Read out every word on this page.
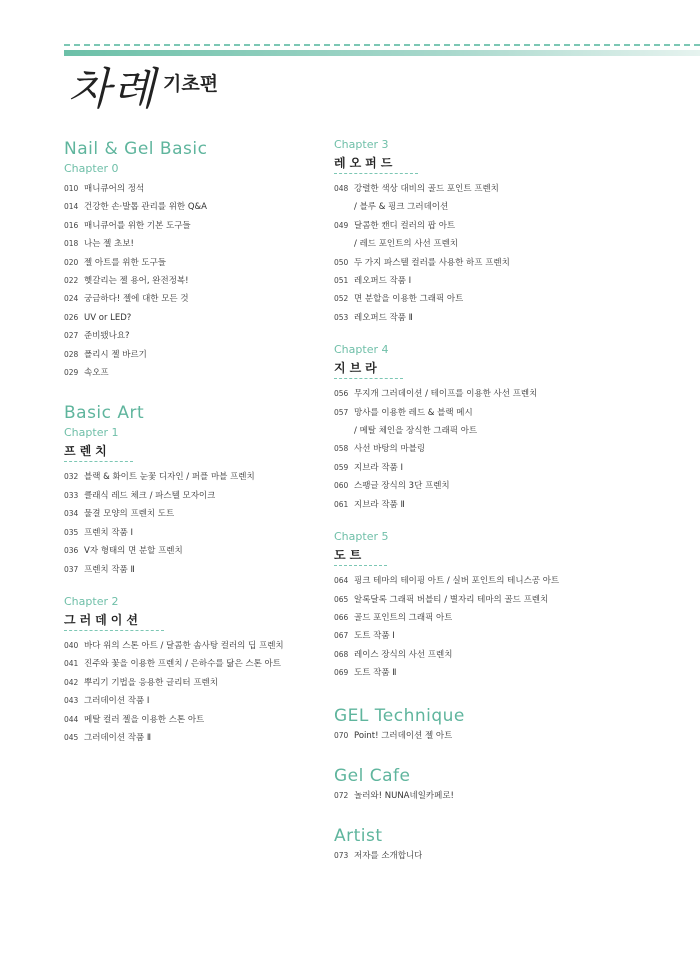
차례 기초편
Nail & Gel Basic
Chapter 0
010 매니큐어의 정석
014 건강한 손·발톱 관리를 위한 Q&A
016 매니큐어를 위한 기본 도구들
018 나는 젤 초보!
020 젤 아트를 위한 도구들
022 헷갈리는 젤 용어, 완전정복!
024 궁금하다! 젤에 대한 모든 것
026 UV or LED?
027 준비됐나요?
028 폴리시 젤 바르기
029 속오프
Basic Art
Chapter 1
프렌치
032 블랙 & 화이트 눈꽃 디자인 / 퍼플 마블 프렌치
033 클래식 레드 체크 / 파스텔 모자이크
034 물결 모양의 프렌치 도트
035 프렌치 작품 Ⅰ
036 V자 형태의 면 분할 프렌치
037 프렌치 작품 Ⅱ
Chapter 2
그러데이션
040 바다 위의 스톤 아트 / 달콤한 솜사탕 컬러의 딥 프렌치
041 진주와 꽃을 이용한 프렌치 / 은하수를 닮은 스톤 아트
042 뿌리기 기법을 응용한 글리터 프렌치
043 그러데이션 작품 Ⅰ
044 메탈 컬러 젤을 이용한 스톤 아트
045 그러데이션 작품 Ⅱ
Chapter 3
레오퍼드
048 강렬한 색상 대비의 골드 포인트 프렌치
/ 블루 & 핑크 그러데이션
049 달콤한 캔디 컬러의 팝 아트
/ 레드 포인트의 사선 프렌치
050 두 가지 파스텔 컬러를 사용한 하프 프렌치
051 레오퍼드 작품 Ⅰ
052 면 분할을 이용한 그래픽 아트
053 레오퍼드 작품 Ⅱ
Chapter 4
지브라
056 무지개 그러데이션 / 테이프를 이용한 사선 프렌치
057 망사를 이용한 레드 & 블랙 메시
/ 메탈 체인을 장식한 그래픽 아트
058 사선 바탕의 마블링
059 지브라 작품 Ⅰ
060 스팽글 장식의 3단 프렌치
061 지브라 작품 Ⅱ
Chapter 5
도트
064 핑크 테마의 테이핑 아트 / 실버 포인트의 테니스공 아트
065 알록달록 그래픽 버블티 / 별자리 테마의 골드 프렌치
066 골드 포인트의 그래픽 아트
067 도트 작품 Ⅰ
068 레이스 장식의 사선 프렌치
069 도트 작품 Ⅱ
GEL Technique
070 Point! 그러데이션 젤 아트
Gel Cafe
072 놀러와! NUNA네일카페로!
Artist
073 저자를 소개합니다
